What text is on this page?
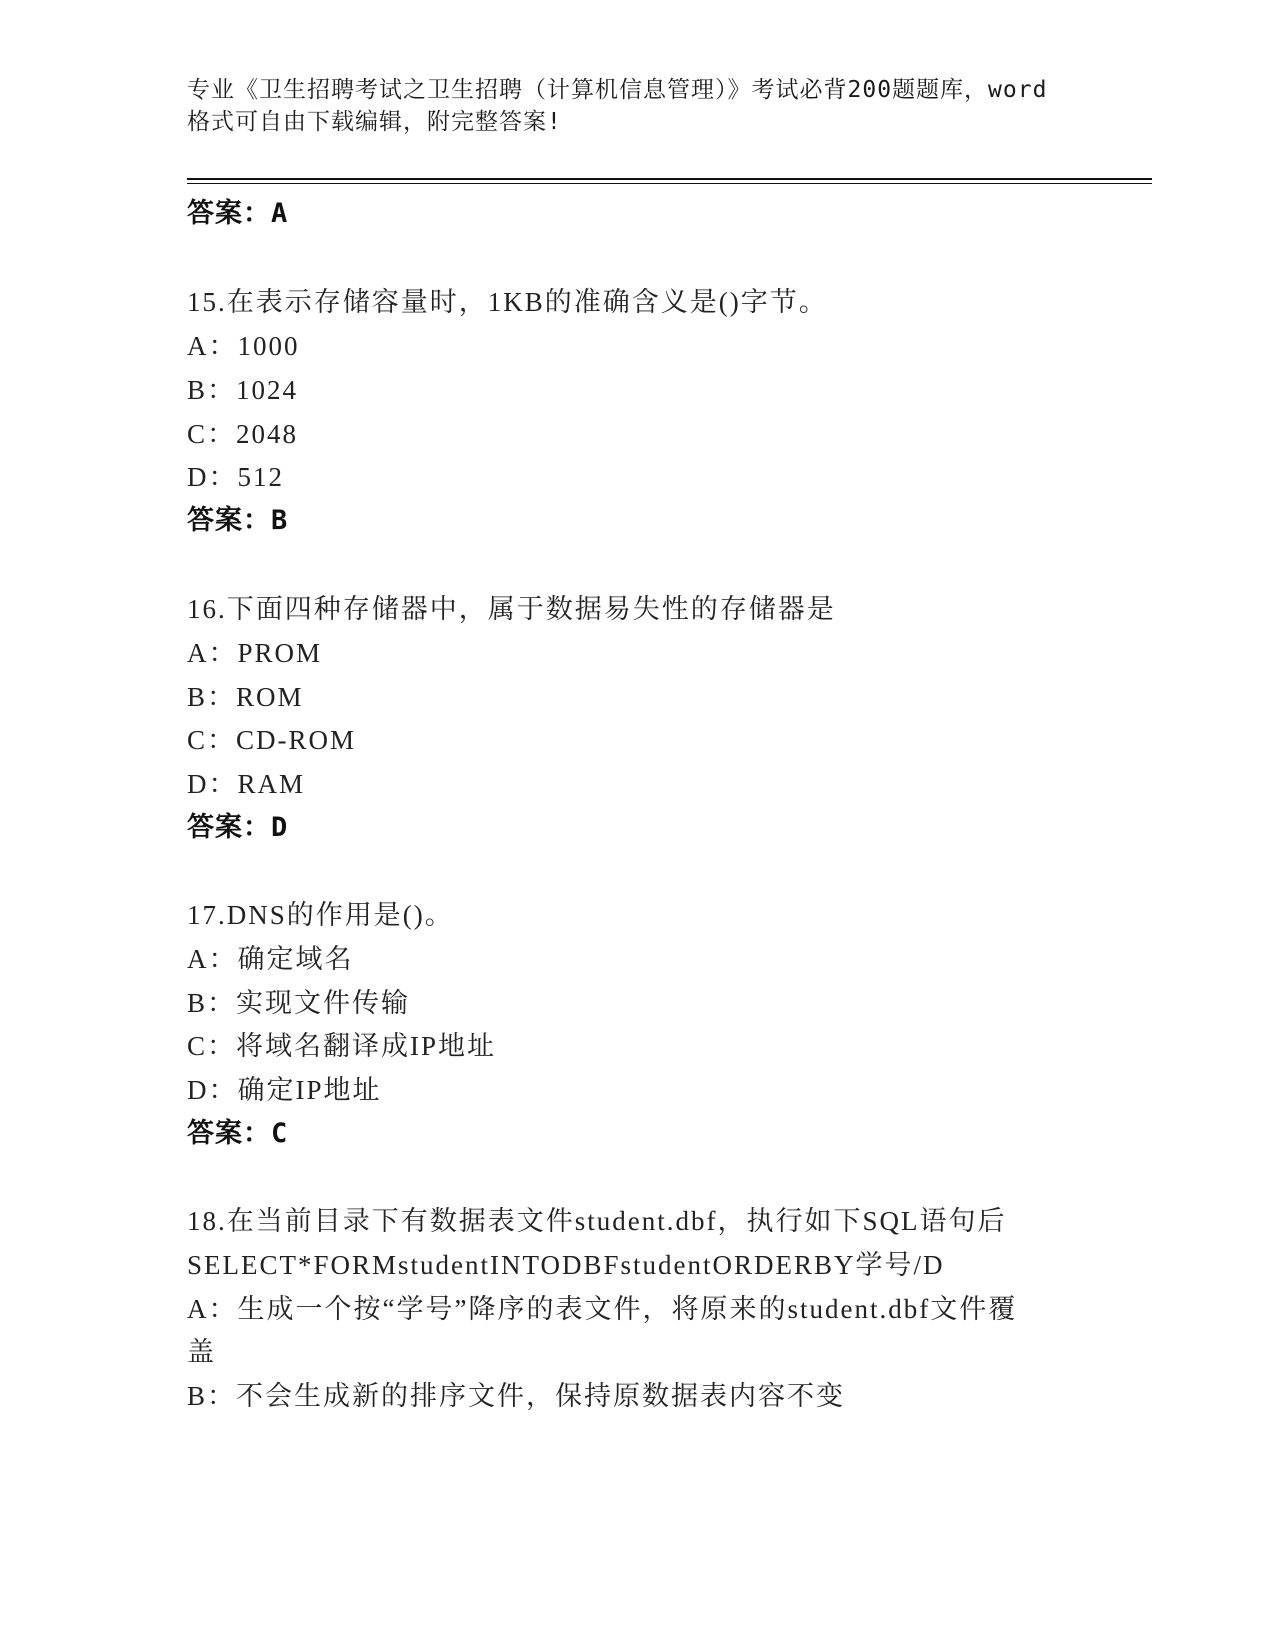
专业《卫生招聘考试之卫生招聘（计算机信息管理）》考试必背200题题库，word
格式可自由下载编辑，附完整答案!
答案：A
15.在表示存储容量时，1KB的准确含义是()字节。
A：1000
B：1024
C：2048
D：512
答案：B
16.下面四种存储器中，属于数据易失性的存储器是
A：PROM
B：ROM
C：CD-ROM
D：RAM
答案：D
17.DNS的作用是()。
A：确定域名
B：实现文件传输
C：将域名翻译成IP地址
D：确定IP地址
答案：C
18.在当前目录下有数据表文件student.dbf，执行如下SQL语句后
SELECT*FORMstudentINTODBFstudentORDERBY学号/D
A：生成一个按“学号”降序的表文件，将原来的student.dbf文件覆
盖
B：不会生成新的排序文件，保持原数据表内容不变
